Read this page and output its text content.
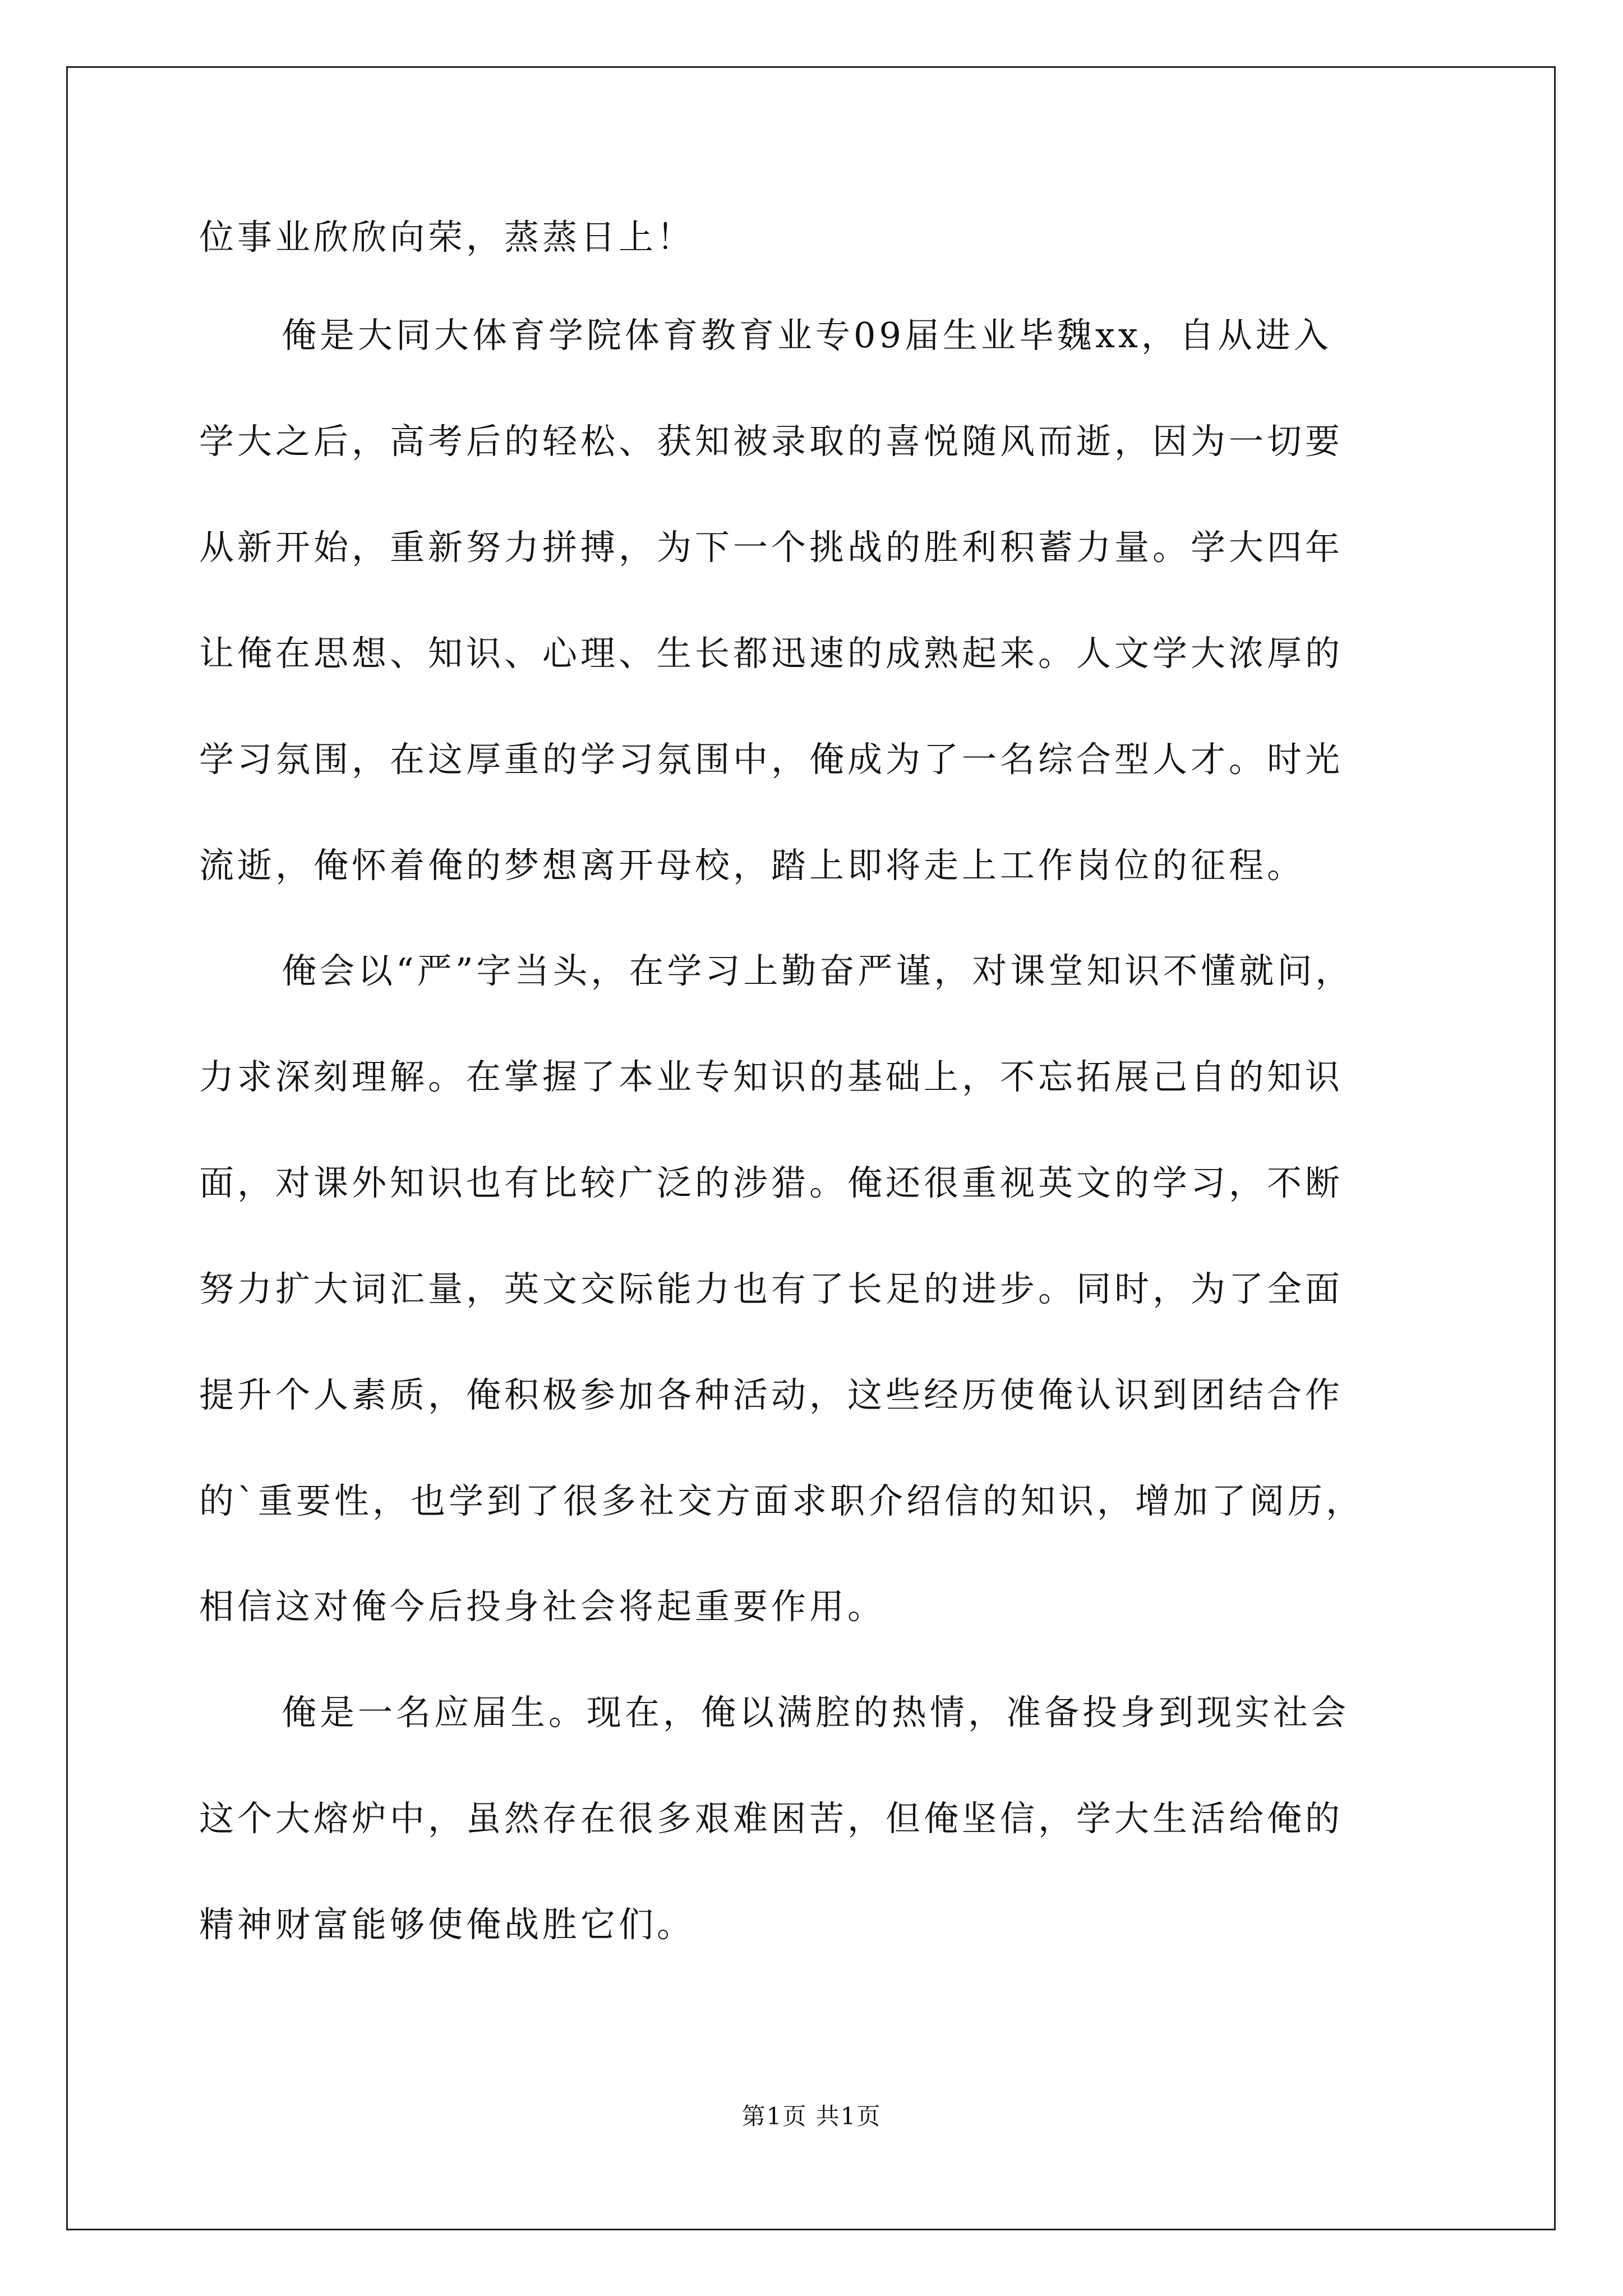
位事业欣欣向荣，蒸蒸日上！
俺是大同大体育学院体育教育业专09届生业毕魏xx，自从进入
学大之后，高考后的轻松、获知被录取的喜悦随风而逝，因为一切要
从新开始，重新努力拼搏，为下一个挑战的胜利积蓄力量。学大四年
让俺在思想、知识、心理、生长都迅速的成熟起来。人文学大浓厚的
学习氛围，在这厚重的学习氛围中，俺成为了一名综合型人才。时光
流逝，俺怀着俺的梦想离开母校，踏上即将走上工作岗位的征程。
俺会以“严”字当头，在学习上勤奋严谨，对课堂知识不懂就问，
力求深刻理解。在掌握了本业专知识的基础上，不忘拓展己自的知识
面，对课外知识也有比较广泛的涉猎。俺还很重视英文的学习，不断
努力扩大词汇量，英文交际能力也有了长足的进步。同时，为了全面
提升个人素质，俺积极参加各种活动，这些经历使俺认识到团结合作
的`重要性，也学到了很多社交方面求职介绍信的知识，增加了阅历，
相信这对俺今后投身社会将起重要作用。
俺是一名应届生。现在，俺以满腔的热情，准备投身到现实社会
这个大熔炉中，虽然存在很多艰难困苦，但俺坚信，学大生活给俺的
精神财富能够使俺战胜它们。
第1页 共1页
